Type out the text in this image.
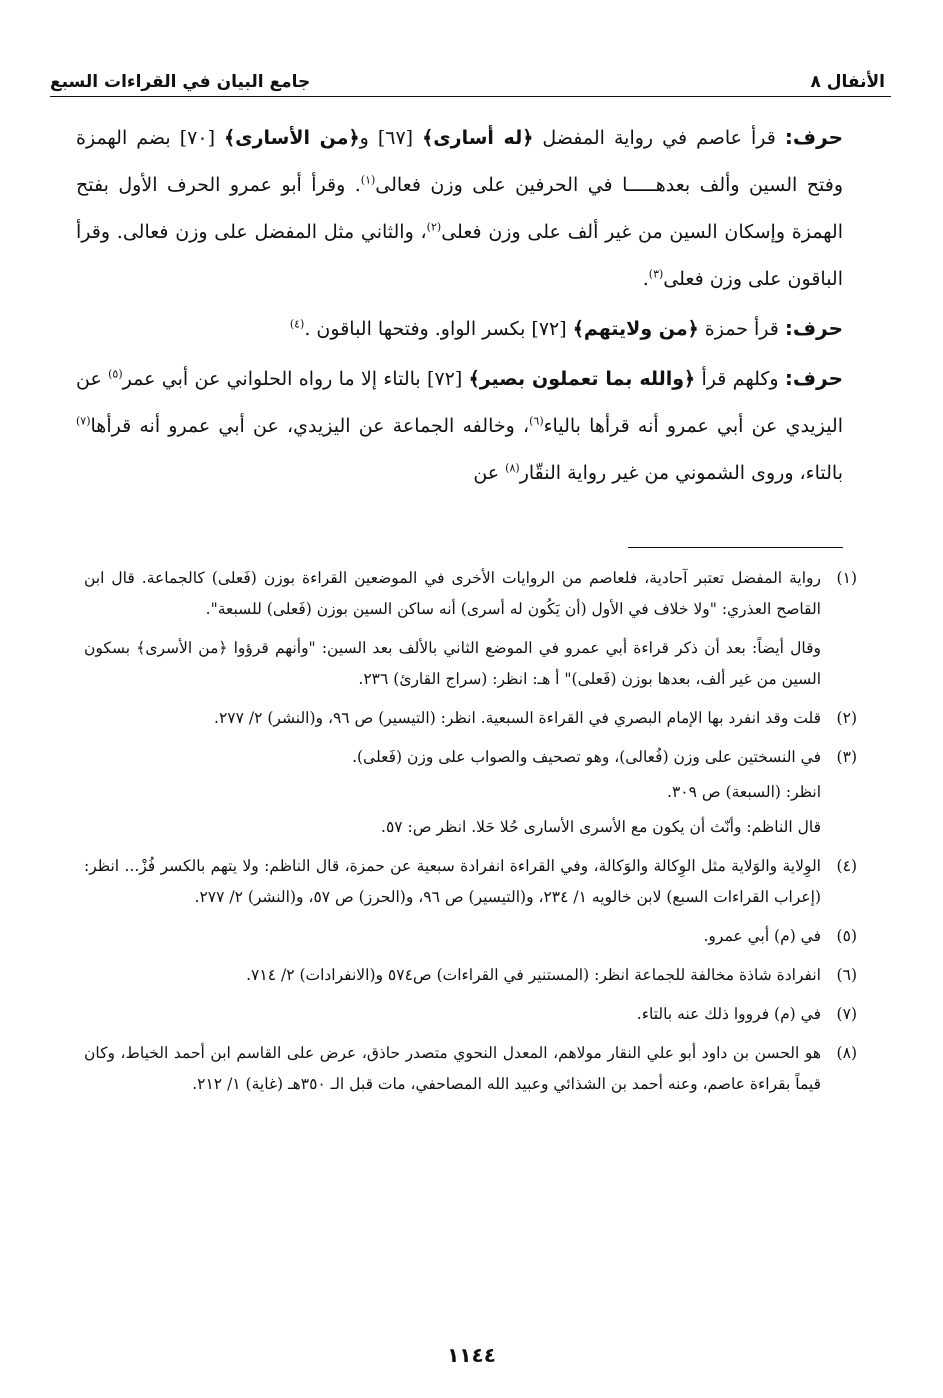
الأنفال ٨
جامع البيان في القراءات السبع

حرف: قرأ عاصم في رواية المفضل ﴿له أسارى﴾ [٦٧] و﴿من الأسارى﴾ [٧٠] بضم الهمزة وفتح السين وألف بعدهـــــا في الحرفين على وزن فعالى$^{(١)}$. وقرأ أبو عمرو الحرف الأول بفتح الهمزة وإسكان السين من غير ألف على وزن فعلى$^{(٢)}$، والثاني مثل المفضل على وزن فعالى. وقرأ الباقون على وزن فعلى$^{(٣)}$.

حرف: قرأ حمزة ﴿من ولايتهم﴾ [٧٢] بكسر الواو. وفتحها الباقون .$^{(٤)}$

حرف: وكلهم قرأ ﴿والله بما تعملون بصير﴾ [٧٢] بالتاء إلا ما رواه الحلواني عن أبي عمر$^{(٥)}$ عن اليزيدي عن أبي عمرو أنه قرأها بالياء$^{(٦)}$، وخالفه الجماعة عن اليزيدي، عن أبي عمرو أنه قرأها$^{(٧)}$ بالتاء، وروى الشموني من غير رواية النقّار$^{(٨)}$ عن

(١)
رواية المفضل تعتبر آحادية، فلعاصم من الروايات الأخرى في الموضعين القراءة بوزن (فَعلى) كالجماعة. قال ابن القاصح العذري: "ولا خلاف في الأول (أن يَكُون له أسرى) أنه ساكن السين بوزن (فَعلى) للسبعة".
وقال أيضاً: بعد أن ذكر قراءة أبي عمرو في الموضع الثاني بالألف بعد السين: "وأنهم قرؤوا ﴿من الأسرى﴾ بسكون السين من غير ألف، بعدها بوزن (فَعلى)" أ هـ: انظر: (سراج القارئ) ٢٣٦.
(٢)
قلت وقد انفرد بها الإمام البصري في القراءة السبعية. انظر: (التيسير) ص ٩٦، و(النشر) ٢/ ٢٧٧.
(٣)
في النسختين على وزن (فُعالى)، وهو تصحيف والصواب على وزن (فَعلى).
انظر: (السبعة) ص ٣٠٩.
قال الناظم: وأنّث أن يكون مع الأسرى الأسارى حُلا حَلا. انظر ص: ٥٧.
(٤)
الوِلاية والوَلاية مثل الوِكالة والوَكالة، وفي القراءة انفرادة سبعية عن حمزة، قال الناظم: ولا يتهم بالكسر فُزْ... انظر: (إعراب القراءات السبع) لابن خالويه ١/ ٢٣٤، و(التيسير) ص ٩٦، و(الحرز) ص ٥٧، و(النشر) ٢/ ٢٧٧.
(٥)
في (م) أبي عمرو.
(٦)
انفرادة شاذة مخالفة للجماعة انظر: (المستنير في القراءات) ص٥٧٤ و(الانفرادات) ٢/ ٧١٤.
(٧)
في (م) فرووا ذلك عنه بالتاء.
(٨)
هو الحسن بن داود أبو علي النقار مولاهم، المعدل النحوي متصدر حاذق، عرض على القاسم ابن أحمد الخياط، وكان قيماً بقراءة عاصم، وعنه أحمد بن الشذائي وعبيد الله المصاحفي، مات قبل الـ ٣٥٠هـ (غاية) ١/ ٢١٢.
١١٤٤
